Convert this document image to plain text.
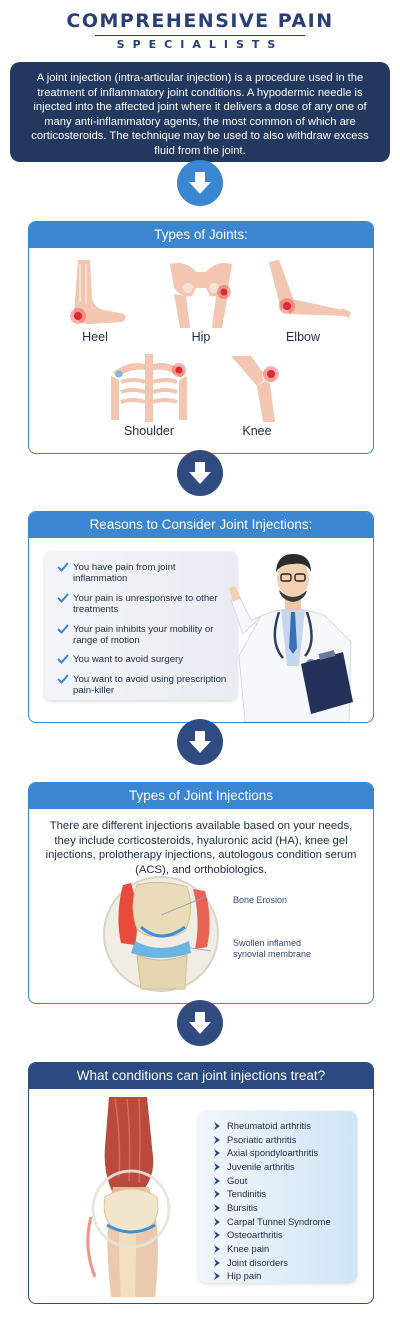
COMPREHENSIVE PAIN
SPECIALISTS

A joint injection (intra-articular injection) is a procedure used in the treatment of inflammatory joint conditions. A hypodermic needle is injected into the affected joint where it delivers a dose of any one of many anti-inflammatory agents, the most common of which are corticosteroids. The technique may be used to also withdraw excess fluid from the joint.

Types of Joints:
Heel	Hip	Elbow
Shoulder	Knee
Reasons to Consider Joint Injections:
You have pain from joint inflammation
Your pain is unresponsive to other treatments
Your pain inhibits your mobility or range of motion
You want to avoid surgery
You want to avoid using prescription pain-killer
Types of Joint Injections

There are different injections available based on your needs, they include corticosteroids, hyaluronic acid (HA), knee gel injections, prolotherapy injections, autologous condition serum (ACS), and orthobiologics.

Bone Erosion
Swollen inflamed synovial membrane
What conditions can joint injections treat?
Rheumatoid arthritis
Psoriatic arthritis
Axial spondyloarthritis
Juvenile arthritis
Gout
Tendinitis
Bursitis
Carpal Tunnel Syndrome
Osteoarthritis
Knee pain
Joint disorders
Hip pain
